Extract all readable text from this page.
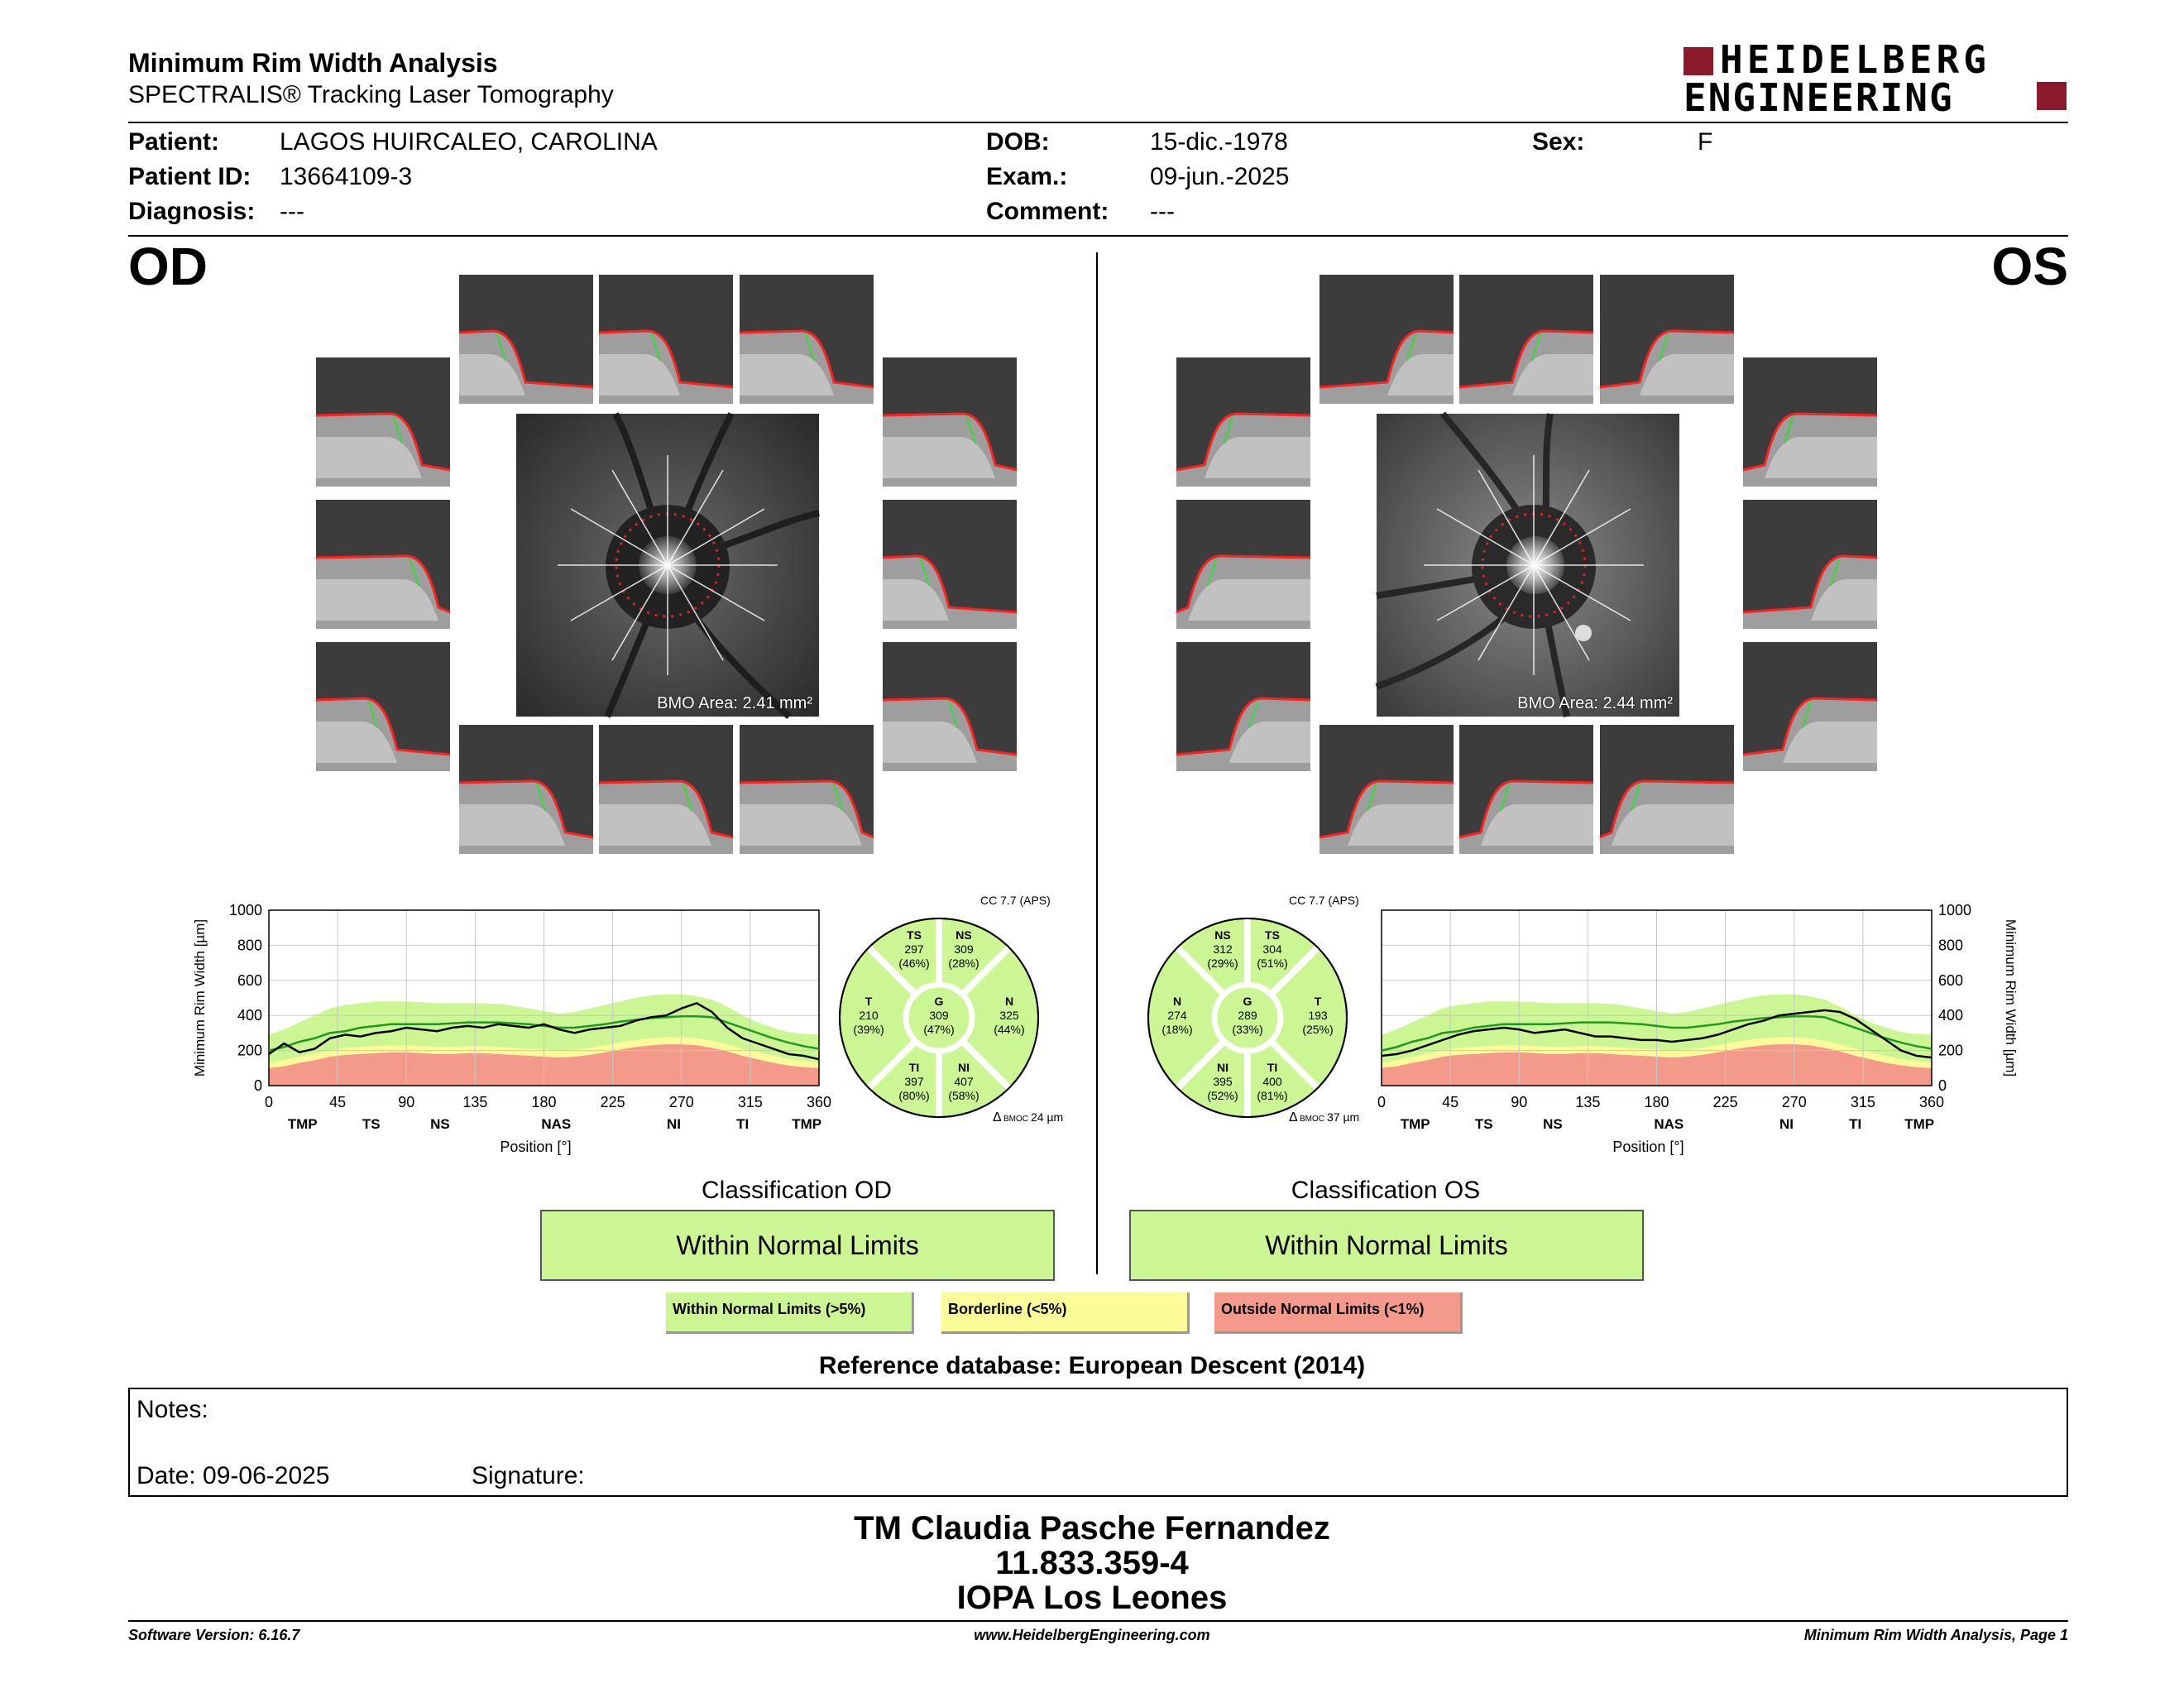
Minimum Rim Width Analysis
SPECTRALIS® Tracking Laser Tomography
HEIDELBERG
ENGINEERING
Patient: LAGOS HUIRCALEO, CAROLINA
Patient ID: 13664109-3
Diagnosis: ---
DOB:	15-dic.-1978
Exam.:	09-jun.-2025
Comment: ---
Sex:	F
OD	OS
BMO Area: 2.41 mm²	BMO Area: 2.44 mm²
0
200
400
600
800
1000
0	45	90	135	180	225	270	315	360
TMP	TS	NS	NAS	NI	TI	TMP
Position [°]
Minimum Rim Width [µm]
0
200
400
600
800
1000
0	45	90	135	180	225	270	315	360
TMP	TS	NS	NAS	NI	TI	TMP
Position [°]
Minimum Rim Width [µm]
CC 7.7 (APS)
TS
297
(46%)
NS
309
(28%)
T
210
(39%)
G
309
(47%)
N
325
(44%)
TI
397
(80%)
NI
407
(58%)
Δ BMOC 24 µm
CC 7.7 (APS)
NS
312
(29%)
TS
304
(51%)
N
274
(18%)
G
289
(33%)
T
193
(25%)
NI
395
(52%)
TI
400
(81%)
Δ BMOC 37 µm
Classification OD
Within Normal Limits
Classification OS
Within Normal Limits
Within Normal Limits (>5%)	Borderline (<5%)	Outside Normal Limits (<1%)
Reference database: European Descent (2014)
Notes:
Date: 09-06-2025	Signature:
TM Claudia Pasche Fernandez
11.833.359-4
IOPA Los Leones
Software Version: 6.16.7	www.HeidelbergEngineering.com	Minimum Rim Width Analysis, Page 1
